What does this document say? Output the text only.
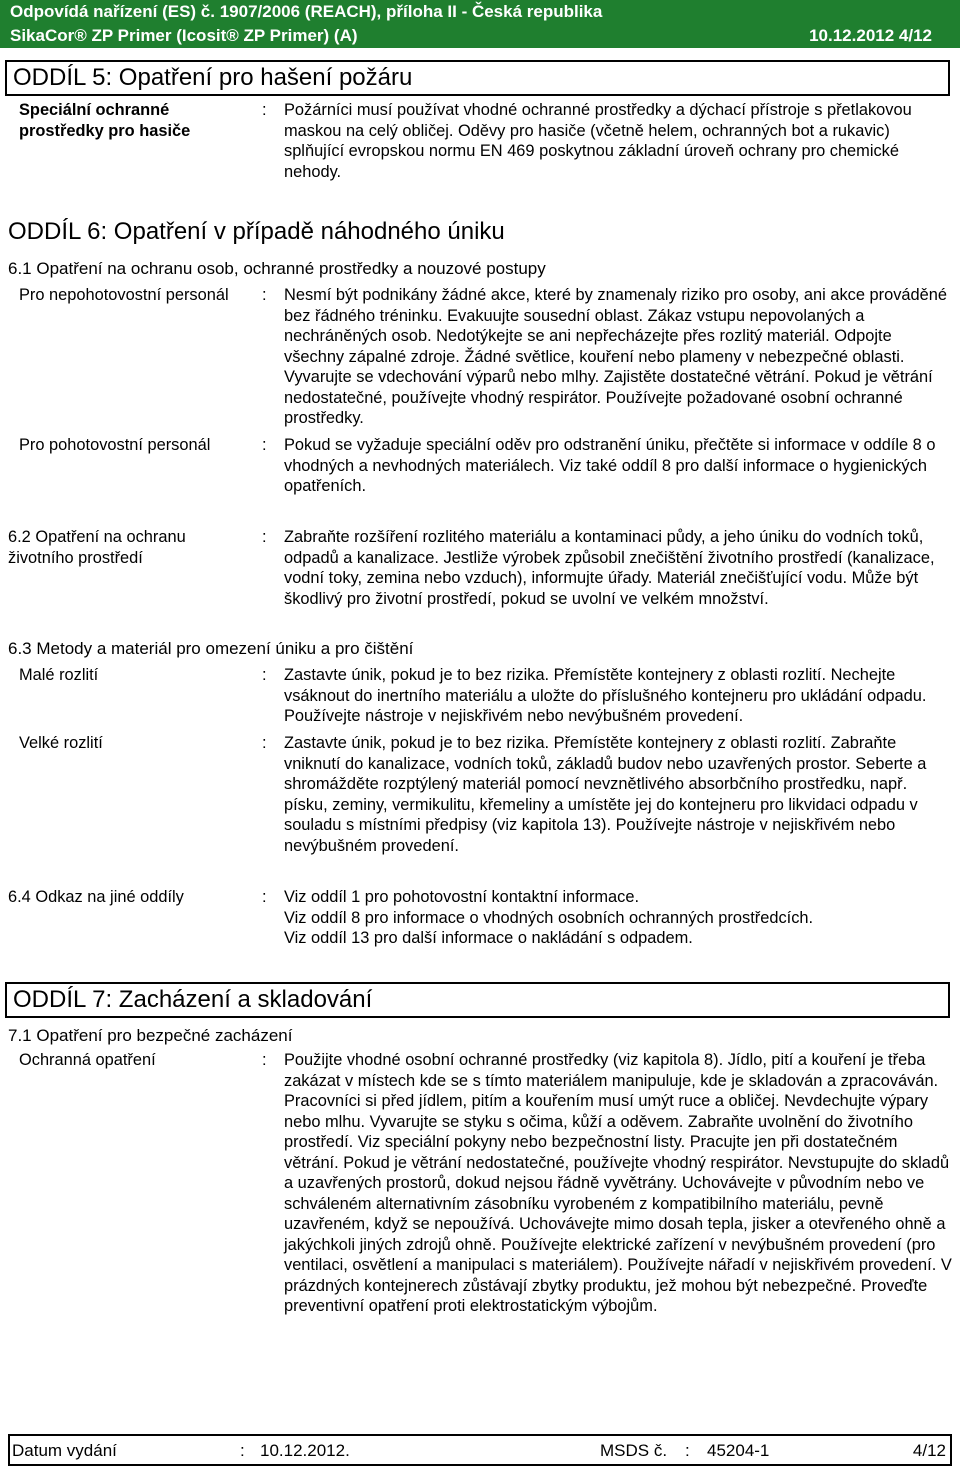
Odpovídá nařízení (ES) č. 1907/2006 (REACH), příloha II - Česká republika
SikaCor® ZP Primer (Icosit® ZP Primer) (A)	10.12.2012 4/12
ODDÍL 5: Opatření pro hašení požáru
Speciální ochranné prostředky pro hasiče
: Požárníci musí používat vhodné ochranné prostředky a dýchací přístroje s přetlakovou maskou na celý obličej. Oděvy pro hasiče (včetně helem, ochranných bot a rukavic) splňující evropskou normu EN 469 poskytnou základní úroveň ochrany pro chemické nehody.
ODDÍL 6: Opatření v případě náhodného úniku
6.1 Opatření na ochranu osob, ochranné prostředky a nouzové postupy
Pro nepohotovostní personál	: Nesmí být podnikány žádné akce, které by znamenaly riziko pro osoby, ani akce prováděné bez řádného tréninku. Evakuujte sousední oblast. Zákaz vstupu nepovolaných a nechráněných osob. Nedotýkejte se ani nepřecházejte přes rozlitý materiál. Odpojte všechny zápalné zdroje. Žádné světlice, kouření nebo plameny v nebezpečné oblasti. Vyvarujte se vdechování výparů nebo mlhy. Zajistěte dostatečné větrání. Pokud je větrání nedostatečné, používejte vhodný respirátor. Používejte požadované osobní ochranné prostředky.
Pro pohotovostní personál	: Pokud se vyžaduje speciální oděv pro odstranění úniku, přečtěte si informace v oddíle 8 o vhodných a nevhodných materiálech. Viz také oddíl 8 pro další informace o hygienických opatřeních.
6.2 Opatření na ochranu životního prostředí
: Zabraňte rozšíření rozlitého materiálu a kontaminaci půdy, a jeho úniku do vodních toků, odpadů a kanalizace. Jestliže výrobek způsobil znečištění životního prostředí (kanalizace, vodní toky, zemina nebo vzduch), informujte úřady. Materiál znečišťující vodu. Může být škodlivý pro životní prostředí, pokud se uvolní ve velkém množství.
6.3 Metody a materiál pro omezení úniku a pro čištění
Malé rozlití	: Zastavte únik, pokud je to bez rizika. Přemístěte kontejnery z oblasti rozlití. Nechejte vsáknout do inertního materiálu a uložte do příslušného kontejneru pro ukládání odpadu. Používejte nástroje v nejiskřivém nebo nevýbušném provedení.
Velké rozlití	: Zastavte únik, pokud je to bez rizika. Přemístěte kontejnery z oblasti rozlití. Zabraňte vniknutí do kanalizace, vodních toků, základů budov nebo uzavřených prostor. Seberte a shromážděte rozptýlený materiál pomocí nevznětlivého absorbčního prostředku, např. písku, zeminy, vermikulitu, křemeliny a umístěte jej do kontejneru pro likvidaci odpadu v souladu s místními předpisy (viz kapitola 13). Používejte nástroje v nejiskřivém nebo nevýbušném provedení.
6.4 Odkaz na jiné oddíly	: Viz oddíl 1 pro pohotovostní kontaktní informace.
Viz oddíl 8 pro informace o vhodných osobních ochranných prostředcích.
Viz oddíl 13 pro další informace o nakládání s odpadem.
ODDÍL 7: Zacházení a skladování
7.1 Opatření pro bezpečné zacházení
Ochranná opatření	: Použijte vhodné osobní ochranné prostředky (viz kapitola 8). Jídlo, pití a kouření je třeba zakázat v místech kde se s tímto materiálem manipuluje, kde je skladován a zpracováván. Pracovníci si před jídlem, pitím a kouřením musí umýt ruce a obličej. Nevdechujte výpary nebo mlhu. Vyvarujte se styku s očima, kůží a oděvem. Zabraňte uvolnění do životního prostředí. Viz speciální pokyny nebo bezpečnostní listy. Pracujte jen při dostatečném větrání. Pokud je větrání nedostatečné, používejte vhodný respirátor. Nevstupujte do skladů a uzavřených prostorů, dokud nejsou řádně vyvětrány. Uchovávejte v původním nebo ve schváleném alternativním zásobníku vyrobeném z kompatibilního materiálu, pevně uzavřeném, když se nepoužívá. Uchovávejte mimo dosah tepla, jisker a otevřeného ohně a jakýchkoli jiných zdrojů ohně. Používejte elektrické zařízení v nevýbušném provedení (pro ventilaci, osvětlení a manipulaci s materiálem). Používejte nářadí v nejiskřivém provedení. V prázdných kontejnerech zůstávají zbytky produktu, jež mohou být nebezpečné. Proveďte preventivní opatření proti elektrostatickým výbojům.
Datum vydání	: 10.12.2012.	MSDS č. : 45204-1	4/12
